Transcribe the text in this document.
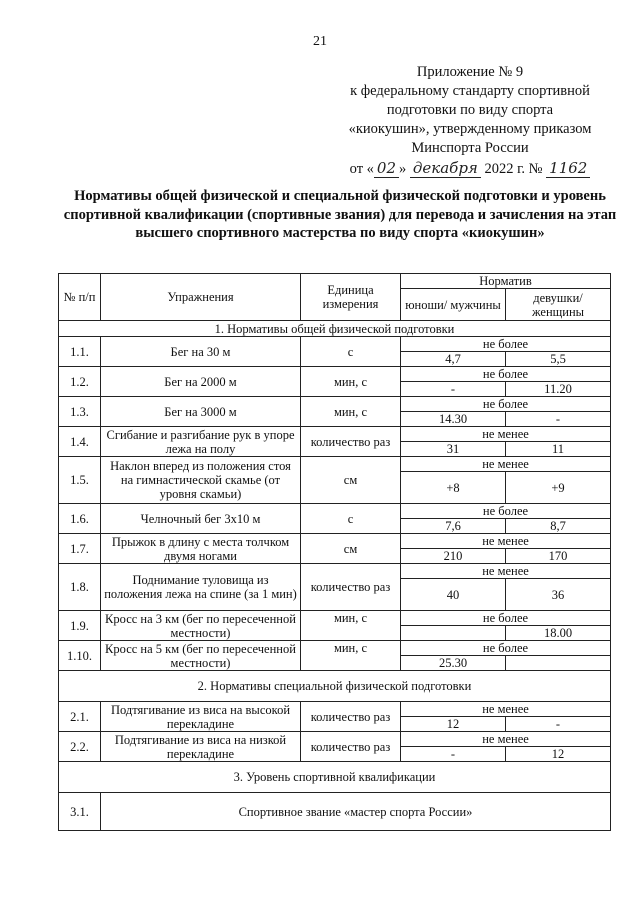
21
Приложение № 9
к федеральному стандарту спортивной
подготовки по виду спорта
«киокушин», утвержденному приказом
Минспорта России
от « 02 » декабря 2022 г. № 1162
Нормативы общей физической и специальной физической подготовки и уровень спортивной квалификации (спортивные звания) для перевода и зачисления на этап высшего спортивного мастерства по виду спорта «киокушин»
№ п/п	Упражнения	Единица измерения	Норматив	
			юноши/ мужчины	девушки/ женщины
1. Нормативы общей физической подготовки				
1.1.	Бег на 30 м	с	не более	
			4,7	5,5
1.2.	Бег на 2000 м	мин, с	не более	
			-	11.20
1.3.	Бег на 3000 м	мин, с	не более	
			14.30	-
1.4.	Сгибание и разгибание рук в упоре лежа на полу	количество раз	не менее	
			31	11
1.5.	Наклон вперед из положения стоя на гимнастической скамье (от уровня скамьи)	см	не менее	
			+8	+9
1.6.	Челночный бег 3х10 м	с	не более	
			7,6	8,7
1.7.	Прыжок в длину с места толчком двумя ногами	см	не менее	
			210	170
1.8.	Поднимание туловища из положения лежа на спине (за 1 мин)	количество раз	не менее	
			40	36
1.9.	Кросс на 3 км (бег по пересеченной местности)	мин, с	не более	
				18.00
1.10.	Кросс на 5 км (бег по пересеченной местности)	мин, с	не более	
			25.30	
2. Нормативы специальной физической подготовки				
2.1.	Подтягивание из виса на высокой перекладине	количество раз	не менее	
			12	-
2.2.	Подтягивание из виса на низкой перекладине	количество раз	не менее	
			-	12
3. Уровень спортивной квалификации				
3.1.	Спортивное звание «мастер спорта России»			
